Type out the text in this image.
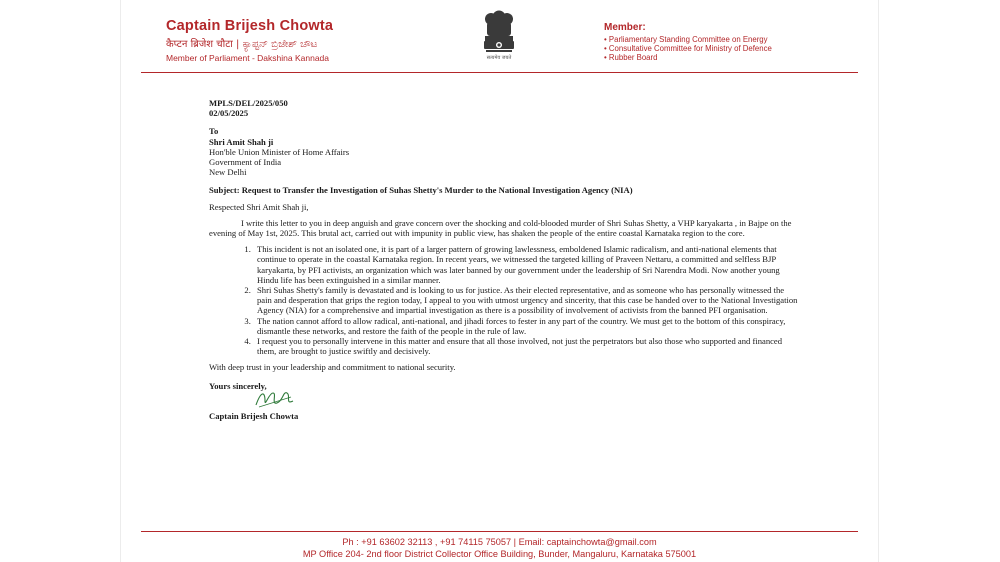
Captain Brijesh Chowta
कैप्टन ब्रिजेश चौटा | ಕ್ಯಾಪ್ಟನ್ ಬ್ರಿಜೇಶ್ ಚೌಟ
Member of Parliament - Dakshina Kannada	सत्यमेव जयते
Member:
• Parliamentary Standing Committee on Energy
• Consultative Committee for Ministry of Defence
• Rubber Board
MPLS/DEL/2025/050
02/05/2025
To
Shri Amit Shah ji
Hon'ble Union Minister of Home Affairs
Government of India
New Delhi
Subject: Request to Transfer the Investigation of Suhas Shetty's Murder to the National Investigation Agency (NIA)
Respected Shri Amit Shah ji,
I write this letter to you in deep anguish and grave concern over the shocking and cold-blooded murder of Shri Suhas Shetty, a VHP karyakarta , in Bajpe on the evening of May 1st, 2025. This brutal act, carried out with impunity in public view, has shaken the people of the entire coastal Karnataka region to the core.
1. This incident is not an isolated one, it is part of a larger pattern of growing lawlessness, emboldened Islamic radicalism, and anti-national elements that continue to operate in the coastal Karnataka region. In recent years, we witnessed the targeted killing of Praveen Nettaru, a committed and selfless BJP karyakarta, by PFI activists, an organization which was later banned by our government under the leadership of Sri Narendra Modi. Now another young Hindu life has been extinguished in a similar manner.
2. Shri Suhas Shetty's family is devastated and is looking to us for justice. As their elected representative, and as someone who has personally witnessed the pain and desperation that grips the region today, I appeal to you with utmost urgency and sincerity, that this case be handed over to the National Investigation Agency (NIA) for a comprehensive and impartial investigation as there is a possibility of involvement of activists from the banned PFI organisation.
3. The nation cannot afford to allow radical, anti-national, and jihadi forces to fester in any part of the country. We must get to the bottom of this conspiracy, dismantle these networks, and restore the faith of the people in the rule of law.
4. I request you to personally intervene in this matter and ensure that all those involved, not just the perpetrators but also those who supported and financed them, are brought to justice swiftly and decisively.
With deep trust in your leadership and commitment to national security.
Yours sincerely,
Captain Brijesh Chowta
Ph : +91 63602 32113 , +91 74115 75057 | Email: captainchowta@gmail.com
MP Office 204- 2nd floor District Collector Office Building, Bunder, Mangaluru, Karnataka 575001
